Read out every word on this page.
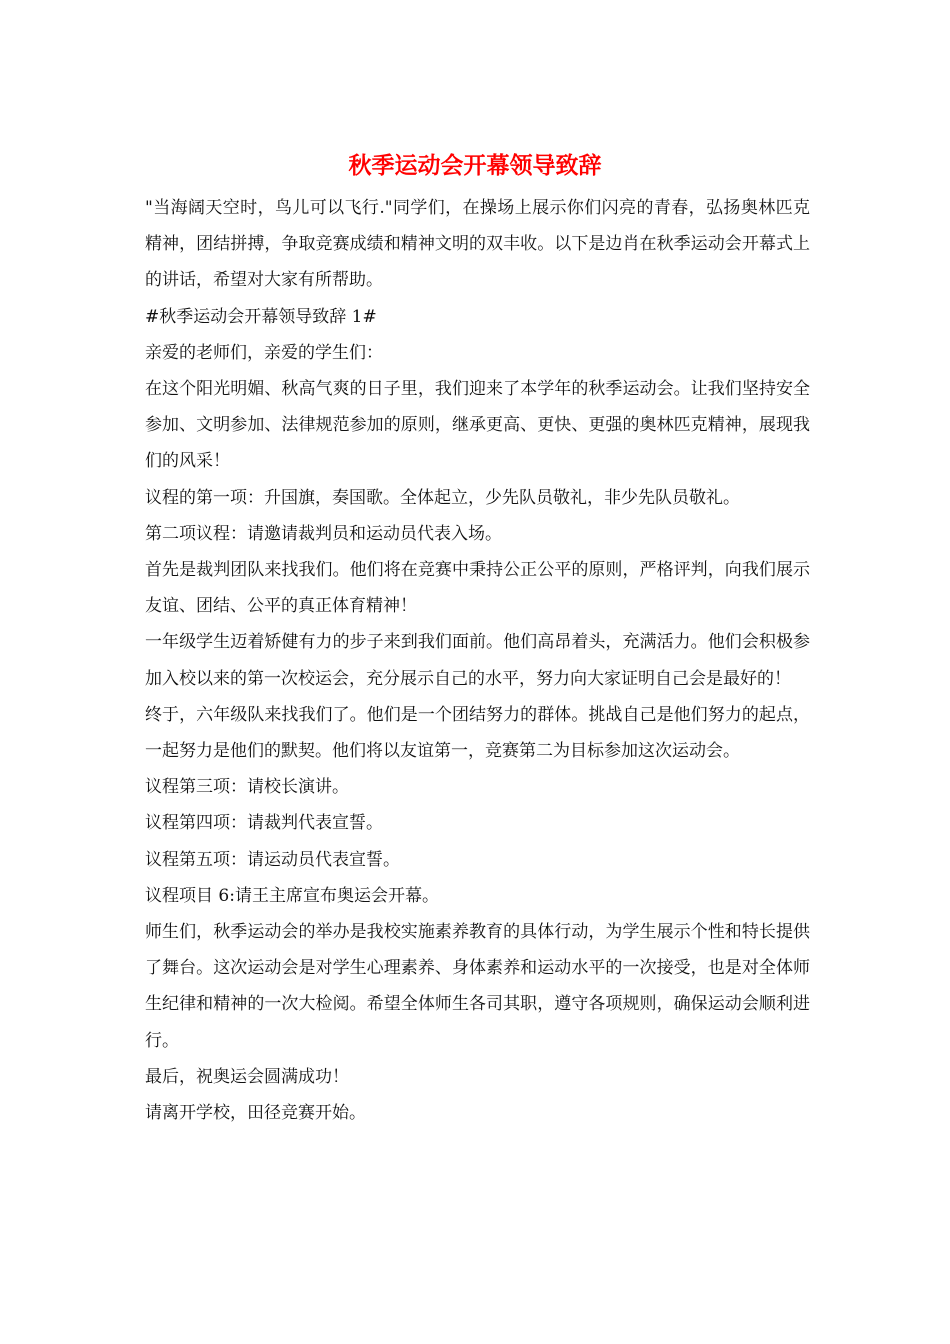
秋季运动会开幕领导致辞

"当海阔天空时，鸟儿可以飞行."同学们，在操场上展示你们闪亮的青春，弘扬奥林匹克精神，团结拼搏，争取竞赛成绩和精神文明的双丰收。以下是边肖在秋季运动会开幕式上的讲话，希望对大家有所帮助。

#秋季运动会开幕领导致辞 1#

亲爱的老师们，亲爱的学生们：

在这个阳光明媚、秋高气爽的日子里，我们迎来了本学年的秋季运动会。让我们坚持安全参加、文明参加、法律规范参加的原则，继承更高、更快、更强的奥林匹克精神，展现我们的风采！

议程的第一项：升国旗，奏国歌。全体起立，少先队员敬礼，非少先队员敬礼。

第二项议程：请邀请裁判员和运动员代表入场。

首先是裁判团队来找我们。他们将在竞赛中秉持公正公平的原则，严格评判，向我们展示友谊、团结、公平的真正体育精神！

一年级学生迈着矫健有力的步子来到我们面前。他们高昂着头，充满活力。他们会积极参加入校以来的第一次校运会，充分展示自己的水平，努力向大家证明自己会是最好的！

终于，六年级队来找我们了。他们是一个团结努力的群体。挑战自己是他们努力的起点，一起努力是他们的默契。他们将以友谊第一，竞赛第二为目标参加这次运动会。

议程第三项：请校长演讲。

议程第四项：请裁判代表宣誓。

议程第五项：请运动员代表宣誓。

议程项目 6:请王主席宣布奥运会开幕。

师生们，秋季运动会的举办是我校实施素养教育的具体行动，为学生展示个性和特长提供了舞台。这次运动会是对学生心理素养、身体素养和运动水平的一次接受，也是对全体师生纪律和精神的一次大检阅。希望全体师生各司其职，遵守各项规则，确保运动会顺利进行。

最后，祝奥运会圆满成功！

请离开学校，田径竞赛开始。
